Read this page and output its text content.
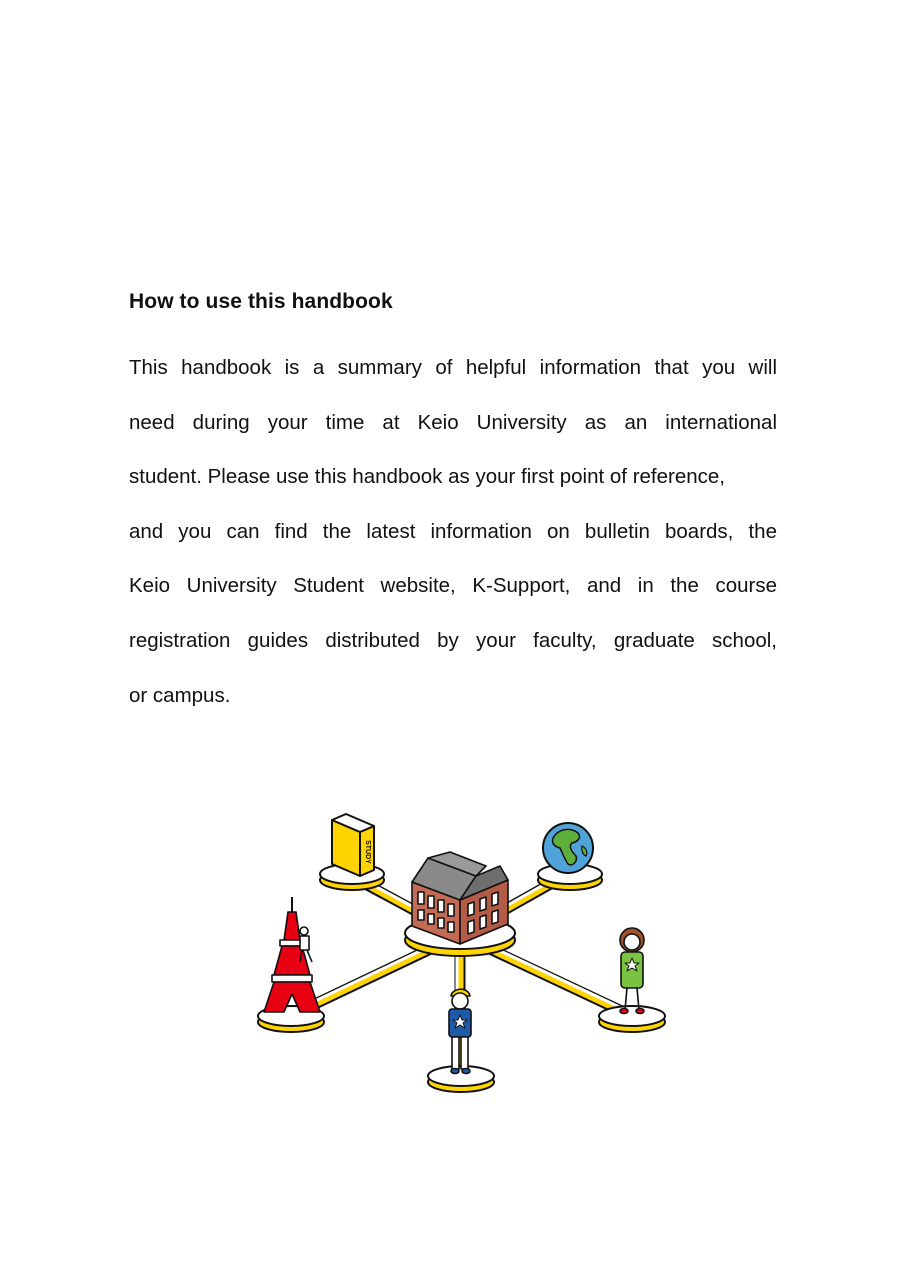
How to use this handbook
This handbook is a summary of helpful information that you will
need during your time at Keio University as an international
student. Please use this handbook as your first point of reference,
and you can find the latest information on bulletin boards, the
Keio University Student website, K-Support, and in the course
registration guides distributed by your faculty, graduate school,
or campus.
STUDY
